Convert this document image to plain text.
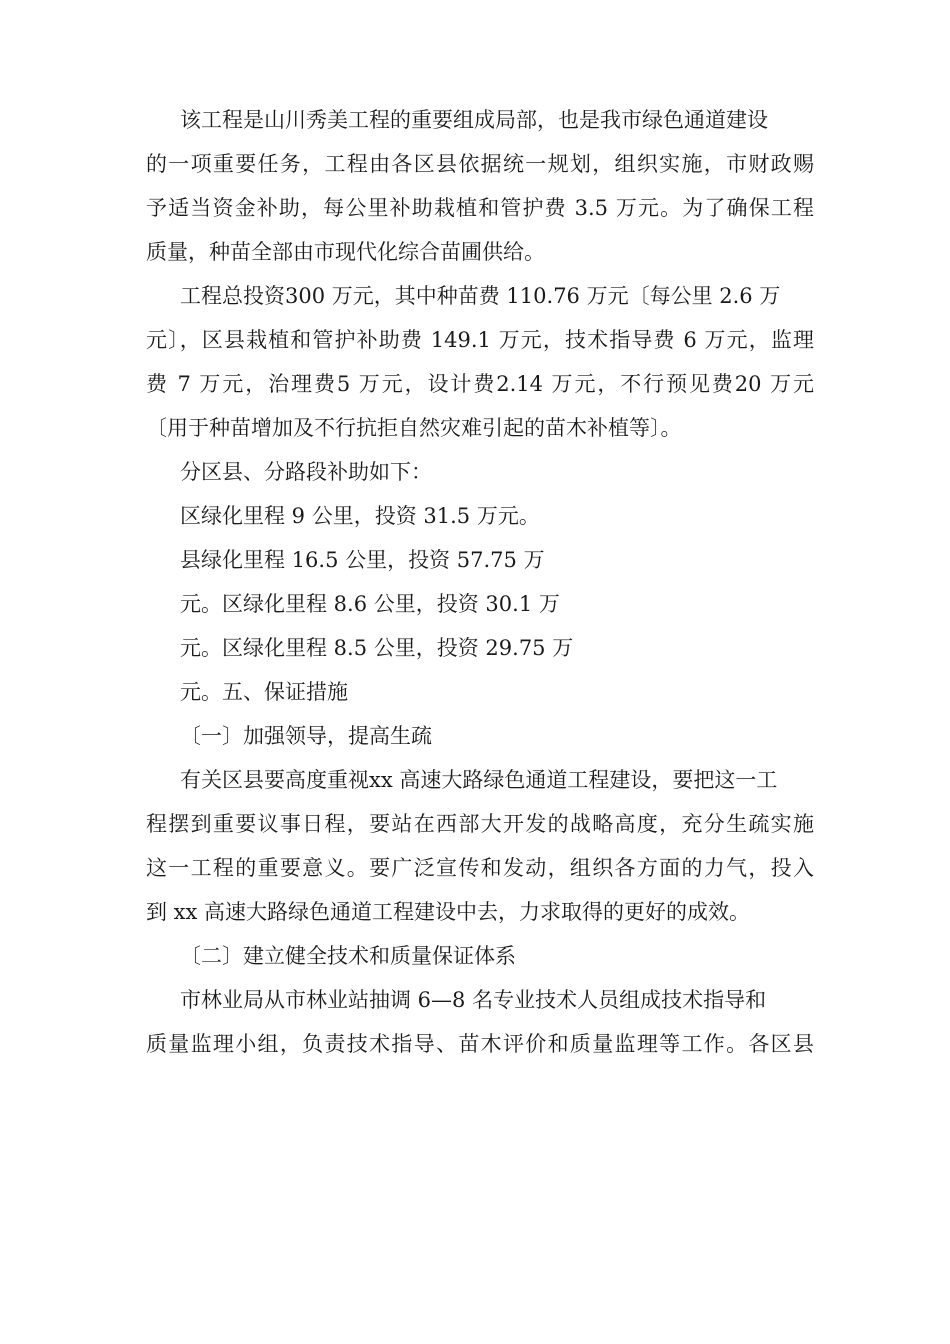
该工程是山川秀美工程的重要组成局部，也是我市绿色通道建设

的一项重要任务，工程由各区县依据统一规划，组织实施，市财政赐

予适当资金补助，每公里补助栽植和管护费 3.5 万元。为了确保工程

质量，种苗全部由市现代化综合苗圃供给。

工程总投资300 万元，其中种苗费 110.76 万元〔每公里 2.6 万

元〕，区县栽植和管护补助费 149.1 万元，技术指导费 6 万元，监理

费 7 万元，治理费5 万元，设计费2.14 万元，不行预见费20 万元

〔用于种苗增加及不行抗拒自然灾难引起的苗木补植等〕。

分区县、分路段补助如下：

区绿化里程 9 公里，投资 31.5 万元。

县绿化里程 16.5 公里，投资 57.75 万

元。区绿化里程 8.6 公里，投资 30.1 万

元。区绿化里程 8.5 公里，投资 29.75 万

元。五、保证措施

〔一〕加强领导，提高生疏

有关区县要高度重视xx 高速大路绿色通道工程建设，要把这一工

程摆到重要议事日程，要站在西部大开发的战略高度，充分生疏实施

这一工程的重要意义。要广泛宣传和发动，组织各方面的力气，投入

到 xx 高速大路绿色通道工程建设中去，力求取得的更好的成效。

〔二〕建立健全技术和质量保证体系

市林业局从市林业站抽调 6—8 名专业技术人员组成技术指导和

质量监理小组，负责技术指导、苗木评价和质量监理等工作。各区县
